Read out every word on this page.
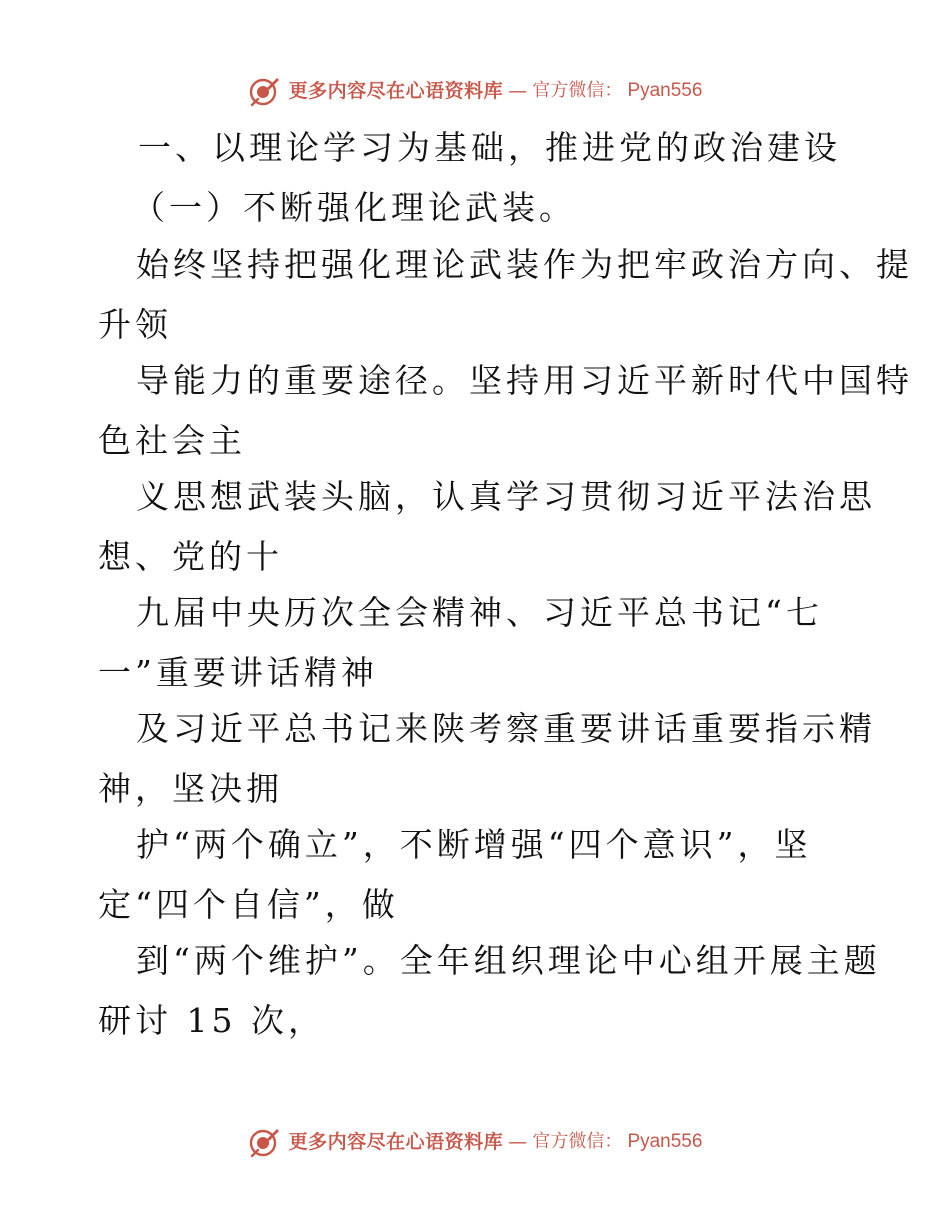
更多内容尽在心语资料库 — 官方微信： Pyan556
一、以理论学习为基础，推进党的政治建设
（一）不断强化理论武装。
始终坚持把强化理论武装作为把牢政治方向、提
升领
导能力的重要途径。坚持用习近平新时代中国特
色社会主
义思想武装头脑，认真学习贯彻习近平法治思
想、党的十
九届中央历次全会精神、习近平总书记“七
一”重要讲话精神
及习近平总书记来陕考察重要讲话重要指示精
神，坚决拥
护“两个确立”，不断增强“四个意识”，坚
定“四个自信”，做
到“两个维护”。全年组织理论中心组开展主题
研讨 15 次，
更多内容尽在心语资料库 — 官方微信： Pyan556
